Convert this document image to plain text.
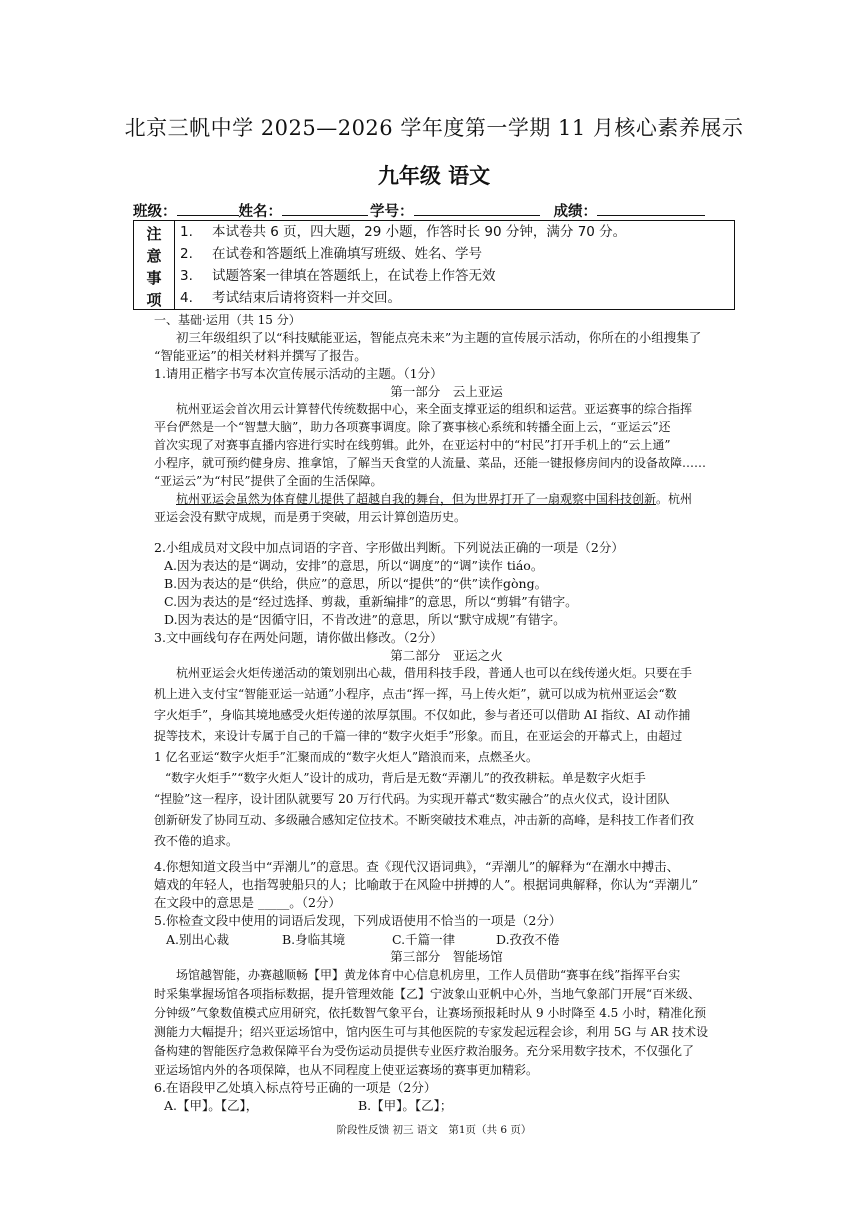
北京三帆中学 2025—2026 学年度第一学期 11 月核心素养展示
九年级 语文
班级：	姓名：	学号：	成绩：
注
意
事
项
1. 本试卷共 6 页，四大题，29 小题，作答时长 90 分钟，满分 70 分。
2. 在试卷和答题纸上准确填写班级、姓名、学号
3. 试题答案一律填在答题纸上，在试卷上作答无效
4. 考试结束后请将资料一并交回。
一、基础·运用（共 15 分）
初三年级组织了以“科技赋能亚运，智能点亮未来”为主题的宣传展示活动，你所在的小组搜集了
“智能亚运”的相关材料并撰写了报告。
1.请用正楷字书写本次宣传展示活动的主题。（1分）
第一部分　云上亚运
杭州亚运会首次用云计算替代传统数据中心，来全面支撑亚运的组织和运营。亚运赛事的综合指挥
平台俨然是一个“智慧大脑”，助力各项赛事调度。除了赛事核心系统和转播全面上云，“亚运云”还
首次实现了对赛事直播内容进行实时在线剪辑。此外，在亚运村中的“村民”打开手机上的“云上通”
小程序，就可预约健身房、推拿馆，了解当天食堂的人流量、菜品，还能一键报修房间内的设备故障……
“亚运云”为“村民”提供了全面的生活保障。
杭州亚运会虽然为体育健儿提供了超越自我的舞台，但为世界打开了一扇观察中国科技创新。杭州
亚运会没有默守成规，而是勇于突破，用云计算创造历史。
2.小组成员对文段中加点词语的字音、字形做出判断。下列说法正确的一项是（2分）
A.因为表达的是“调动，安排”的意思，所以“调度”的“调”读作 tiáo。
B.因为表达的是“供给，供应”的意思，所以“提供”的“供”读作gòng。
C.因为表达的是“经过选择、剪裁，重新编排”的意思，所以“剪辑”有错字。
D.因为表达的是“因循守旧，不肯改进”的意思，所以“默守成规”有错字。
3.文中画线句存在两处问题，请你做出修改。（2分）
第二部分　亚运之火
杭州亚运会火炬传递活动的策划别出心裁，借用科技手段，普通人也可以在线传递火炬。只要在手
机上进入支付宝“智能亚运一站通”小程序，点击“挥一挥，马上传火炬”，就可以成为杭州亚运会“数
字火炬手”，身临其境地感受火炬传递的浓厚氛围。不仅如此，参与者还可以借助 AI 指纹、AI 动作捕
捉等技术，来设计专属于自己的千篇一律的“数字火炬手”形象。而且，在亚运会的开幕式上，由超过
1 亿名亚运“数字火炬手”汇聚而成的“数字火炬人”踏浪而来，点燃圣火。
“数字火炬手”“数字火炬人”设计的成功，背后是无数“弄潮儿”的孜孜耕耘。单是数字火炬手
“捏脸”这一程序，设计团队就要写 20 万行代码。为实现开幕式“数实融合”的点火仪式，设计团队
创新研发了协同互动、多级融合感知定位技术。不断突破技术难点，冲击新的高峰，是科技工作者们孜
孜不倦的追求。
4.你想知道文段当中“弄潮儿”的意思。查《现代汉语词典》，“弄潮儿”的解释为“在潮水中搏击、
嬉戏的年轻人，也指驾驶船只的人；比喻敢于在风险中拼搏的人”。根据词典解释，你认为“弄潮儿”
在文段中的意思是 _____。（2分）
5.你检查文段中使用的词语后发现，下列成语使用不恰当的一项是（2分）
A.别出心裁	B.身临其境	C.千篇一律	D.孜孜不倦
第三部分　智能场馆
场馆越智能，办赛越顺畅【甲】黄龙体育中心信息机房里，工作人员借助“赛事在线”指挥平台实
时采集掌握场馆各项指标数据，提升管理效能【乙】宁波象山亚帆中心外，当地气象部门开展“百米级、
分钟级”气象数值模式应用研究，依托数智气象平台，让赛场预报耗时从 9 小时降至 4.5 小时，精准化预
测能力大幅提升；绍兴亚运场馆中，馆内医生可与其他医院的专家发起远程会诊，利用 5G 与 AR 技术设
备构建的智能医疗急救保障平台为受伤运动员提供专业医疗救治服务。充分采用数字技术，不仅强化了
亚运场馆内外的各项保障，也从不同程度上使亚运赛场的赛事更加精彩。
6.在语段甲乙处填入标点符号正确的一项是（2分）
A.【甲】。【乙】，	B.【甲】。【乙】；
阶段性反馈 初三 语文　第1页（共 6 页）
